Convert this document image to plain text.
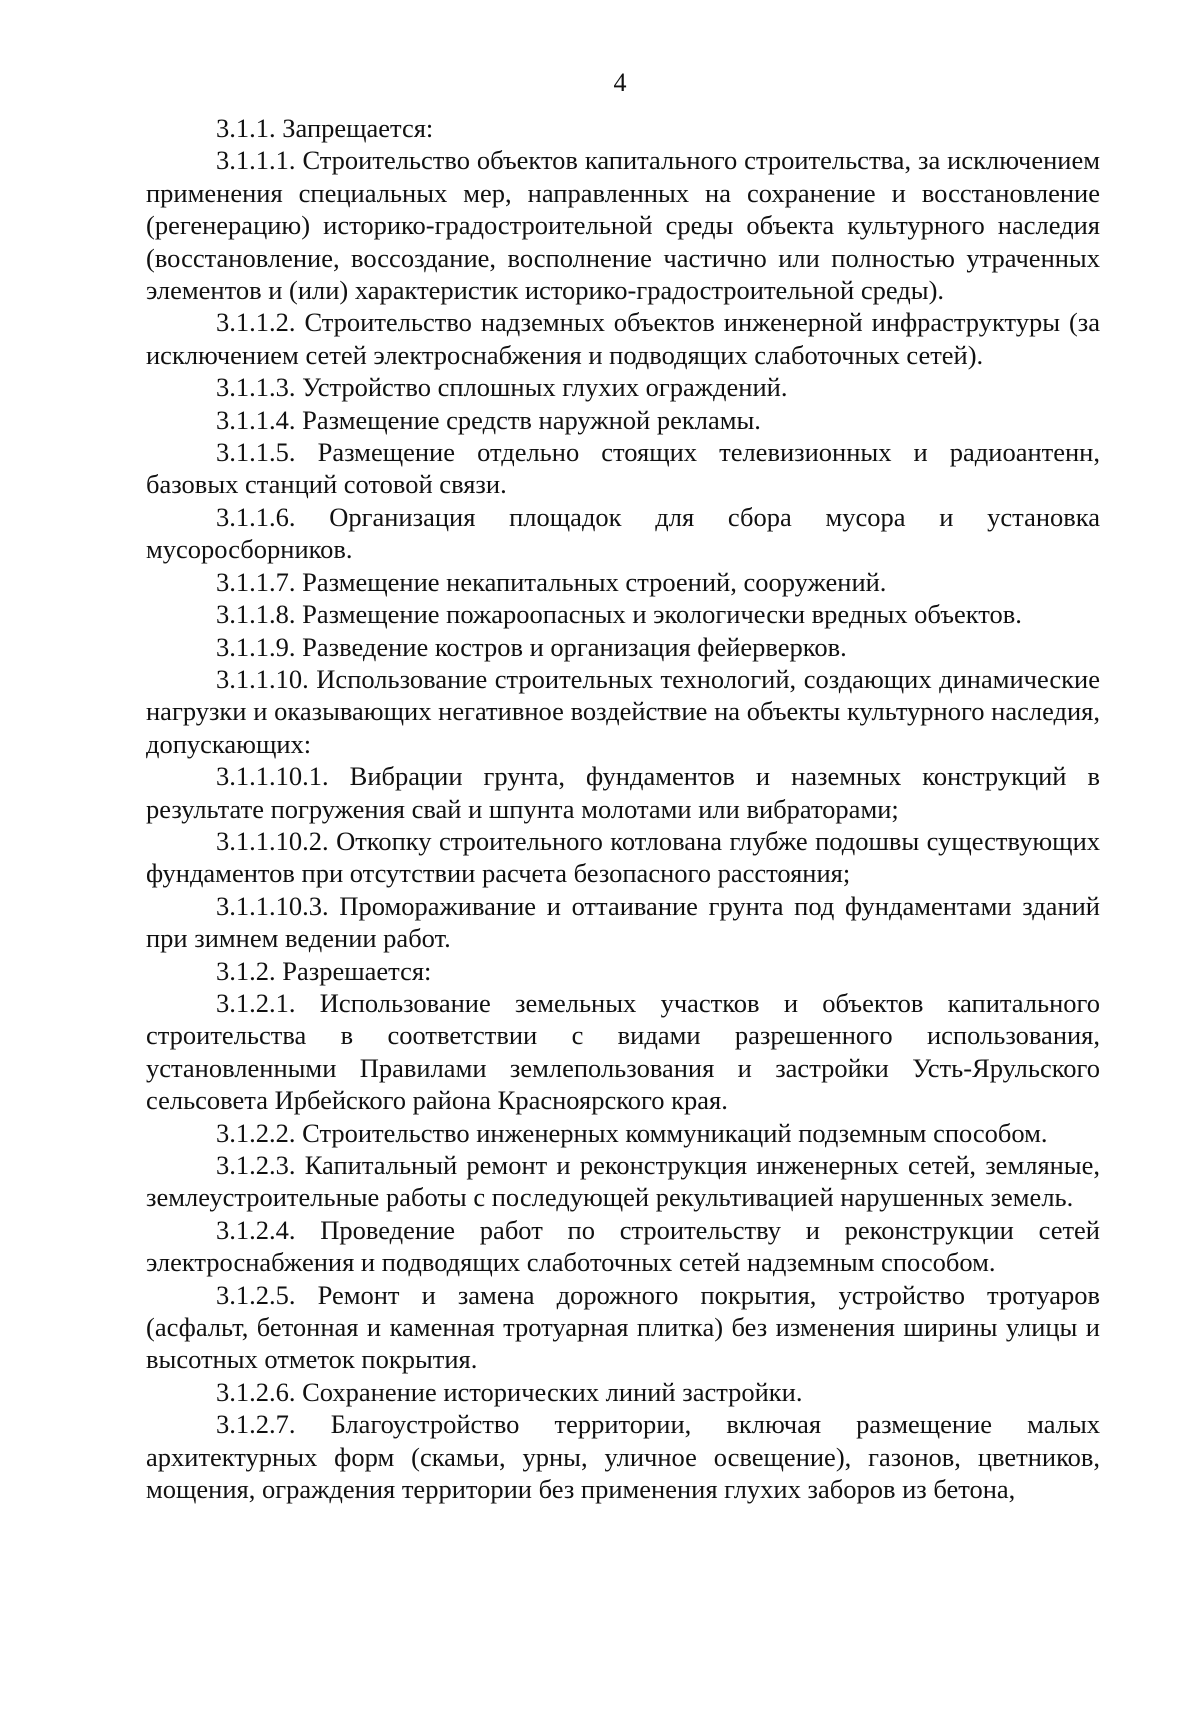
4

3.1.1. Запрещается:

3.1.1.1. Строительство объектов капитального строительства, за исключением применения специальных мер, направленных на сохранение и восстановление (регенерацию) историко-градостроительной среды объекта культурного наследия (восстановление, воссоздание, восполнение частично или полностью утраченных элементов и (или) характеристик историко-градостроительной среды).

3.1.1.2. Строительство надземных объектов инженерной инфраструктуры (за исключением сетей электроснабжения и подводящих слаботочных сетей).

3.1.1.3. Устройство сплошных глухих ограждений.

3.1.1.4. Размещение средств наружной рекламы.

3.1.1.5. Размещение отдельно стоящих телевизионных и радиоантенн, базовых станций сотовой связи.

3.1.1.6. Организация площадок для сбора мусора и установка мусоросборников.

3.1.1.7. Размещение некапитальных строений, сооружений.

3.1.1.8. Размещение пожароопасных и экологически вредных объектов.

3.1.1.9. Разведение костров и организация фейерверков.

3.1.1.10. Использование строительных технологий, создающих динамические нагрузки и оказывающих негативное воздействие на объекты культурного наследия, допускающих:

3.1.1.10.1. Вибрации грунта, фундаментов и наземных конструкций в результате погружения свай и шпунта молотами или вибраторами;

3.1.1.10.2. Откопку строительного котлована глубже подошвы существующих фундаментов при отсутствии расчета безопасного расстояния;

3.1.1.10.3. Промораживание и оттаивание грунта под фундаментами зданий при зимнем ведении работ.

3.1.2. Разрешается:

3.1.2.1. Использование земельных участков и объектов капитального строительства в соответствии с видами разрешенного использования, установленными Правилами землепользования и застройки Усть-Ярульского сельсовета Ирбейского района Красноярского края.

3.1.2.2. Строительство инженерных коммуникаций подземным способом.

3.1.2.3. Капитальный ремонт и реконструкция инженерных сетей, земляные, землеустроительные работы с последующей рекультивацией нарушенных земель.

3.1.2.4. Проведение работ по строительству и реконструкции сетей электроснабжения и подводящих слаботочных сетей надземным способом.

3.1.2.5. Ремонт и замена дорожного покрытия, устройство тротуаров (асфальт, бетонная и каменная тротуарная плитка) без изменения ширины улицы и высотных отметок покрытия.

3.1.2.6. Сохранение исторических линий застройки.

3.1.2.7. Благоустройство территории, включая размещение малых архитектурных форм (скамьи, урны, уличное освещение), газонов, цветников, мощения, ограждения территории без применения глухих заборов из бетона,
